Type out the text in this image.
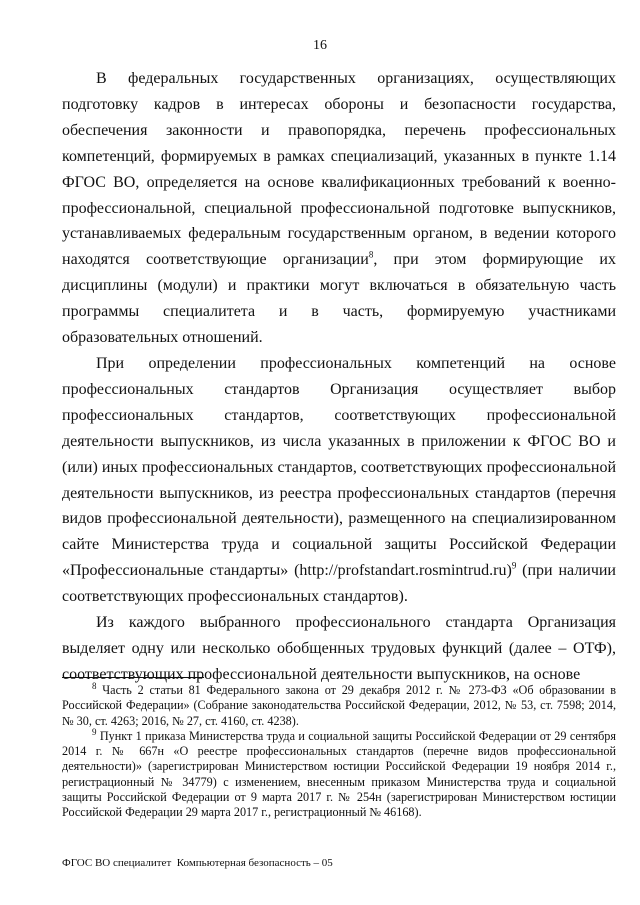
16

В федеральных государственных организациях, осуществляющих подготовку кадров в интересах обороны и безопасности государства, обеспечения законности и правопорядка, перечень профессиональных компетенций, формируемых в рамках специализаций, указанных в пункте 1.14 ФГОС ВО, определяется на основе квалификационных требований к военно-профессиональной, специальной профессиональной подготовке выпускников, устанавливаемых федеральным государственным органом, в ведении которого находятся соответствующие организации$^8$, при этом формирующие их дисциплины (модули) и практики могут включаться в обязательную часть программы специалитета и в часть, формируемую участниками образовательных отношений.

При определении профессиональных компетенций на основе профессиональных стандартов Организация осуществляет выбор профессиональных стандартов, соответствующих профессиональной деятельности выпускников, из числа указанных в приложении к ФГОС ВО и (или) иных профессиональных стандартов, соответствующих профессиональной деятельности выпускников, из реестра профессиональных стандартов (перечня видов профессиональной деятельности), размещенного на специализированном сайте Министерства труда и социальной защиты Российской Федерации «Профессиональные стандарты» (http://profstandart.rosmintrud.ru)$^9$ (при наличии соответствующих профессиональных стандартов).

Из каждого выбранного профессионального стандарта Организация выделяет одну или несколько обобщенных трудовых функций (далее – ОТФ), соответствующих профессиональной деятельности выпускников, на основе

$^8$ Часть 2 статьи 81 Федерального закона от 29 декабря 2012 г. № 273-ФЗ «Об образовании в Российской Федерации» (Собрание законодательства Российской Федерации, 2012, № 53, ст. 7598; 2014, № 30, ст. 4263; 2016, № 27, ст. 4160, ст. 4238).

$^9$ Пункт 1 приказа Министерства труда и социальной защиты Российской Федерации от 29 сентября 2014 г. № 667н «О реестре профессиональных стандартов (перечне видов профессиональной деятельности)» (зарегистрирован Министерством юстиции Российской Федерации 19 ноября 2014 г., регистрационный № 34779) с изменением, внесенным приказом Министерства труда и социальной защиты Российской Федерации от 9 марта 2017 г. № 254н (зарегистрирован Министерством юстиции Российской Федерации 29 марта 2017 г., регистрационный № 46168).

ФГОС ВО специалитет  Компьютерная безопасность – 05
